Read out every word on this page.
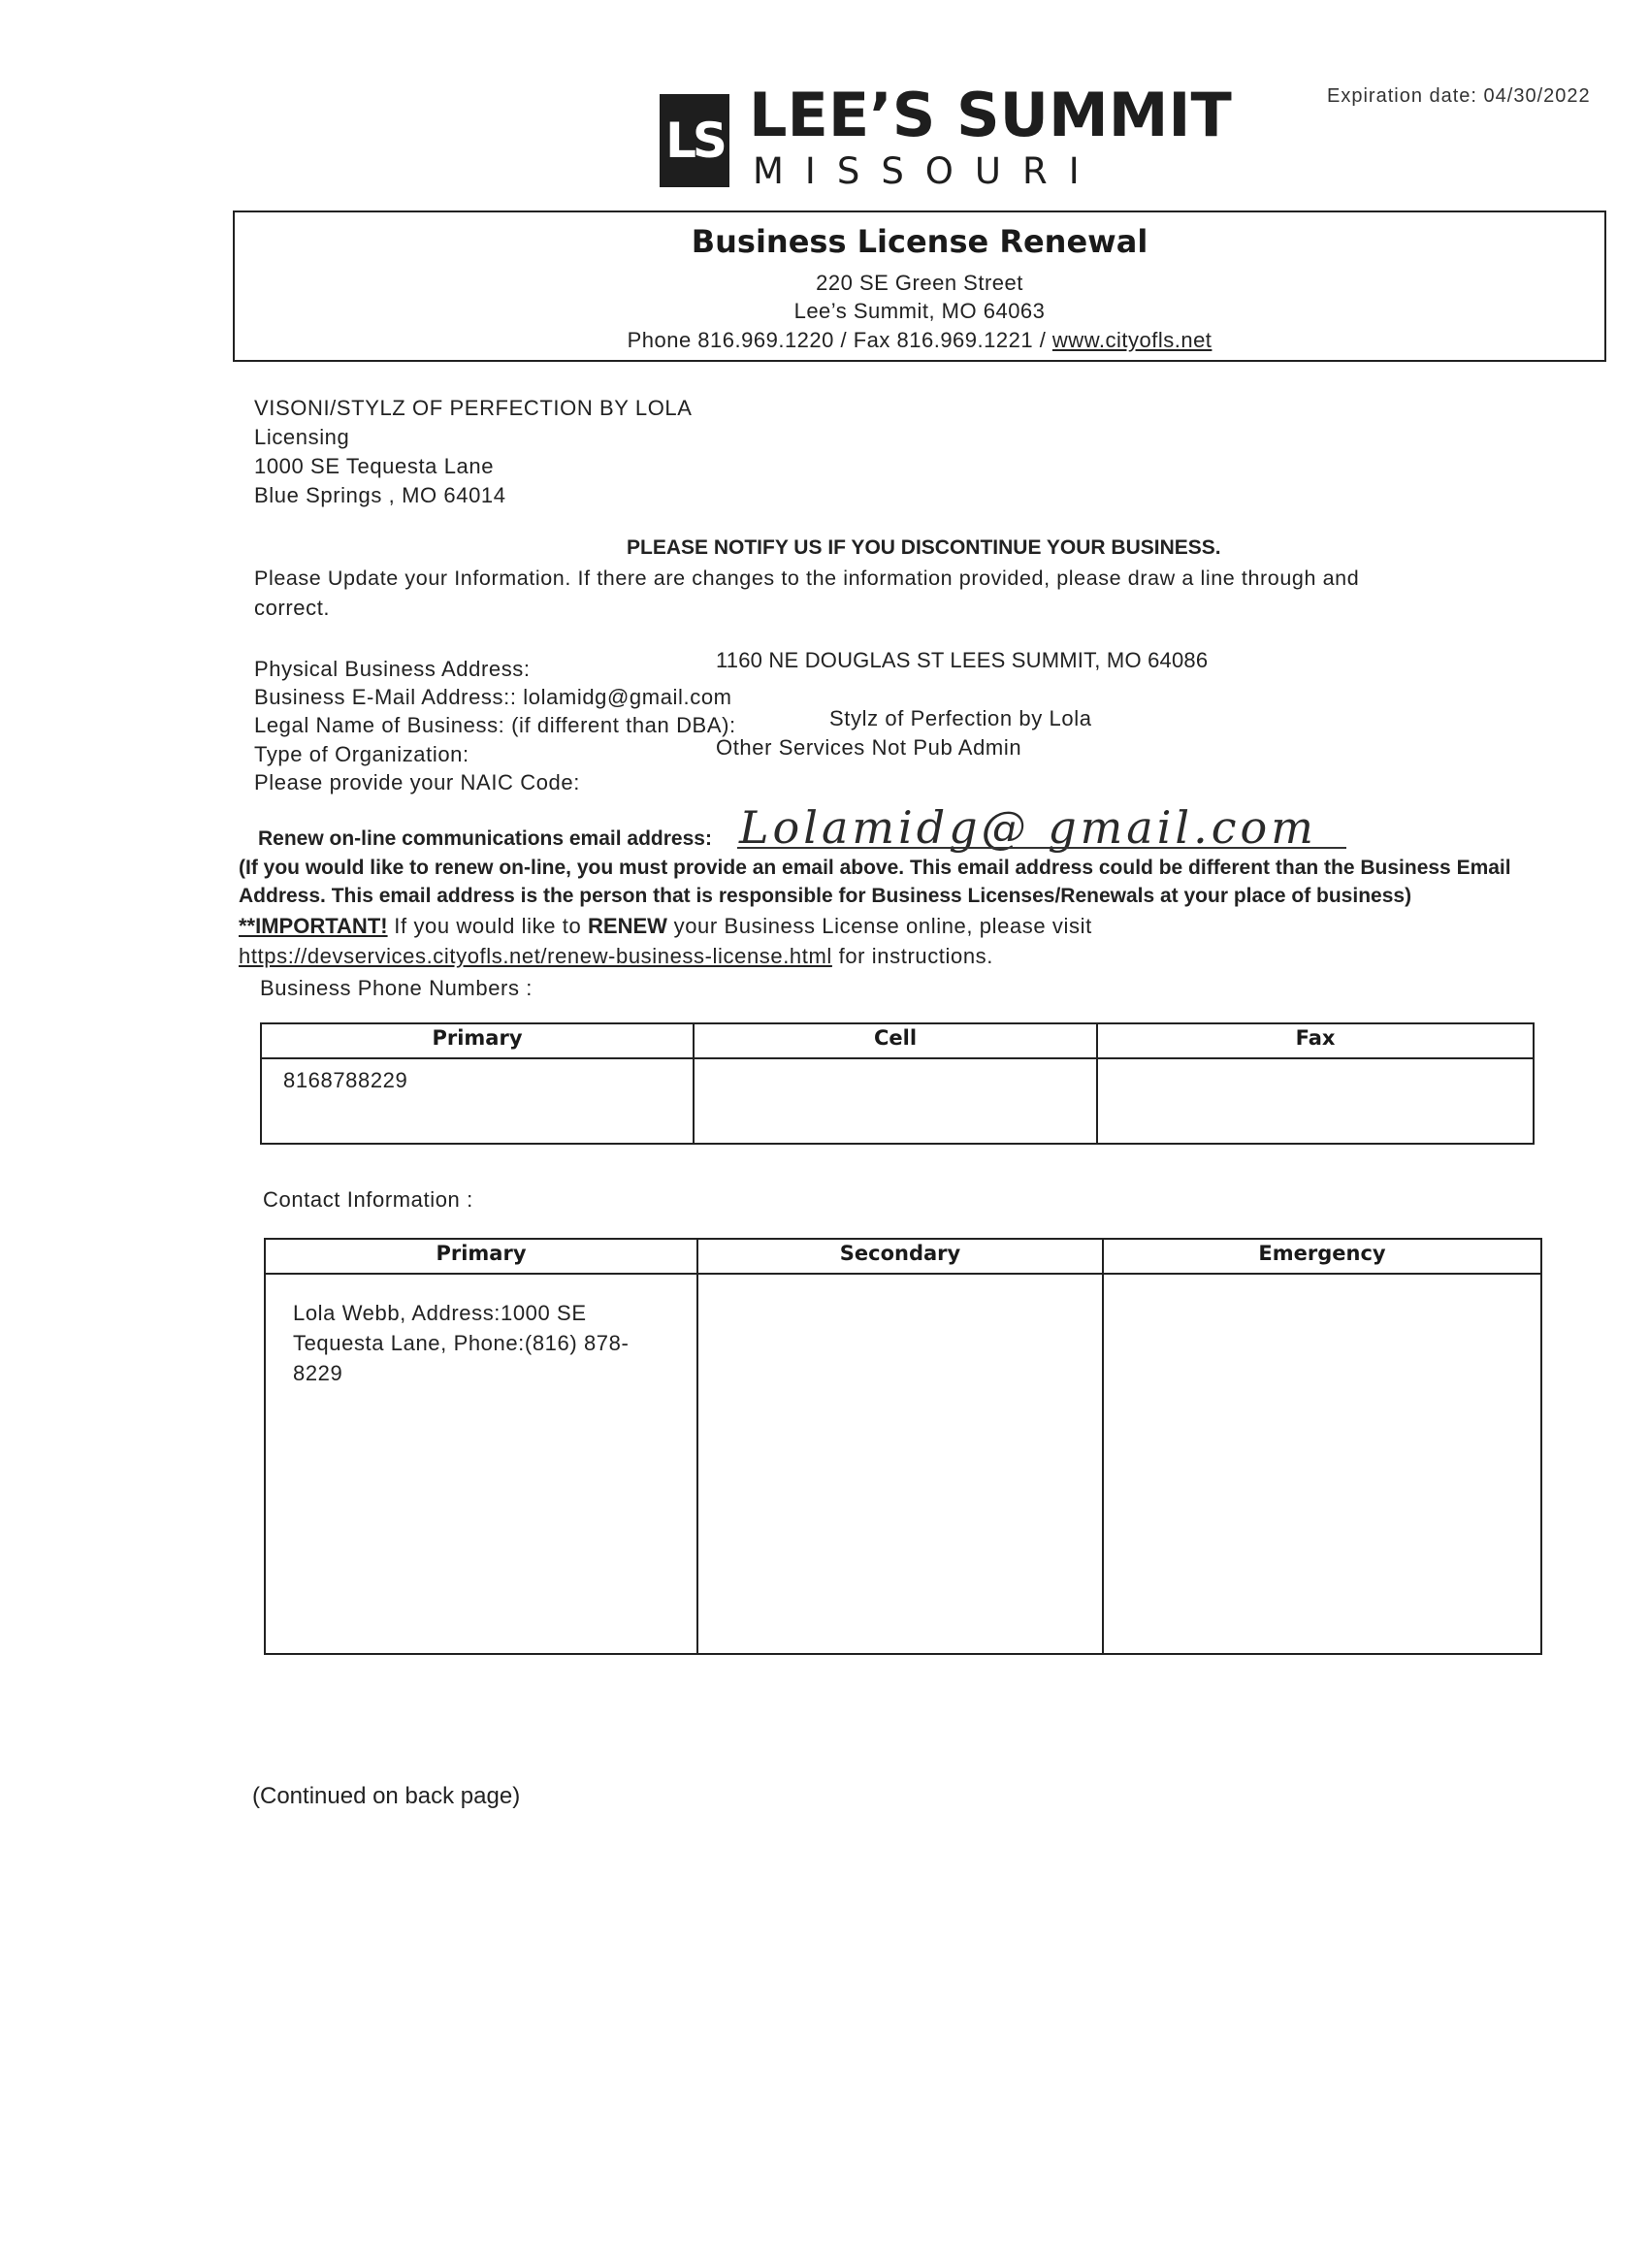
LS LEE’S SUMMIT
MISSOURI
Expiration date: 04/30/2022
Business License Renewal
220 SE Green Street
Lee’s Summit, MO 64063
Phone 816.969.1220 / Fax 816.969.1221 / www.cityofls.net
VISONI/STYLZ OF PERFECTION BY LOLA
Licensing
1000 SE Tequesta Lane
Blue Springs , MO 64014
PLEASE NOTIFY US IF YOU DISCONTINUE YOUR BUSINESS.
Please Update your Information. If there are changes to the information provided, please draw a line through and
correct.
Physical Business Address:	1160 NE DOUGLAS ST LEES SUMMIT, MO 64086
Business E-Mail Address:: lolamidg@gmail.com
Legal Name of Business: (if different than DBA):	Stylz of Perfection by Lola
Type of Organization:	Other Services Not Pub Admin
Please provide your NAIC Code:
Renew on-line communications email address: Lolamidg@ gmail.com
(If you would like to renew on-line, you must provide an email above. This email address could be different than the Business Email
Address. This email address is the person that is responsible for Business Licenses/Renewals at your place of business)
**IMPORTANT! If you would like to RENEW your Business License online, please visit
https://devservices.cityofls.net/renew-business-license.html for instructions.
Business Phone Numbers :
Primary	Cell	Fax
8168788229		
Contact Information :
Primary	Secondary	Emergency
Lola Webb, Address:1000 SE Tequesta Lane, Phone:(816) 878-8229		
(Continued on back page)
